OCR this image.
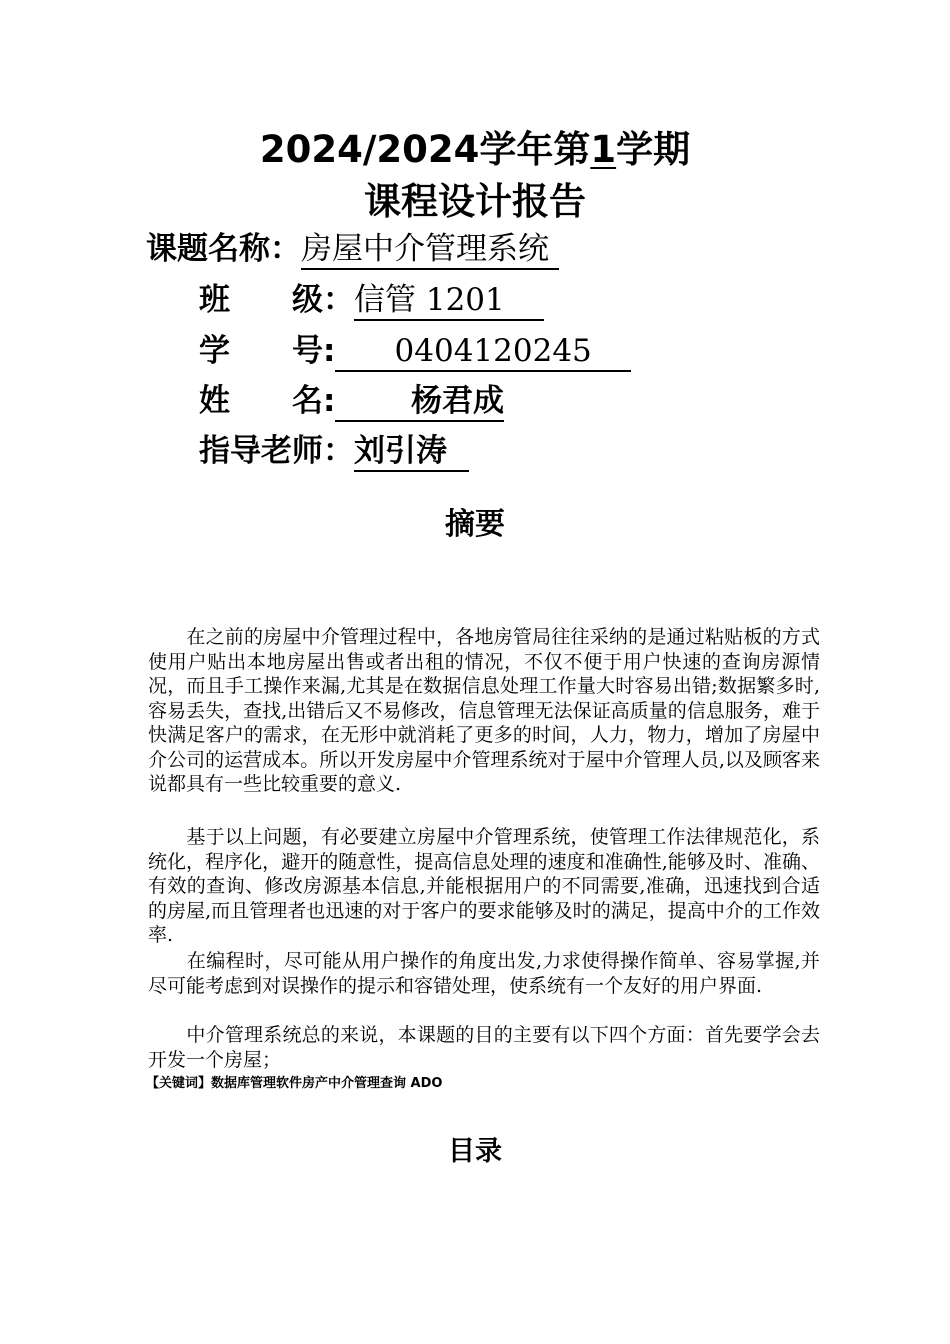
2024/2024学年第1学期
课程设计报告
课题名称：房屋中介管理系统
班　　级：信管 1201
学　　号:      0404120245
姓　　名:       杨君成
指导老师：刘引涛
摘要

　　在之前的房屋中介管理过程中，各地房管局往往采纳的是通过粘贴板的方式使用户贴出本地房屋出售或者出租的情况，不仅不便于用户快速的查询房源情况，而且手工操作来漏,尤其是在数据信息处理工作量大时容易出错;数据繁多时,容易丢失，查找,出错后又不易修改，信息管理无法保证高质量的信息服务，难于快满足客户的需求，在无形中就消耗了更多的时间，人力，物力，增加了房屋中介公司的运营成本。所以开发房屋中介管理系统对于屋中介管理人员,以及顾客来说都具有一些比较重要的意义.

　　基于以上问题，有必要建立房屋中介管理系统，使管理工作法律规范化，系统化，程序化，避开的随意性，提高信息处理的速度和准确性,能够及时、准确、有效的查询、修改房源基本信息,并能根据用户的不同需要,准确，迅速找到合适的房屋,而且管理者也迅速的对于客户的要求能够及时的满足，提高中介的工作效率.

　　在编程时，尽可能从用户操作的角度出发,力求使得操作简单、容易掌握,并尽可能考虑到对误操作的提示和容错处理，使系统有一个友好的用户界面.

　　中介管理系统总的来说，本课题的目的主要有以下四个方面：首先要学会去开发一个房屋；

【关键词】数据库管理软件房产中介管理查询 ADO
目录
